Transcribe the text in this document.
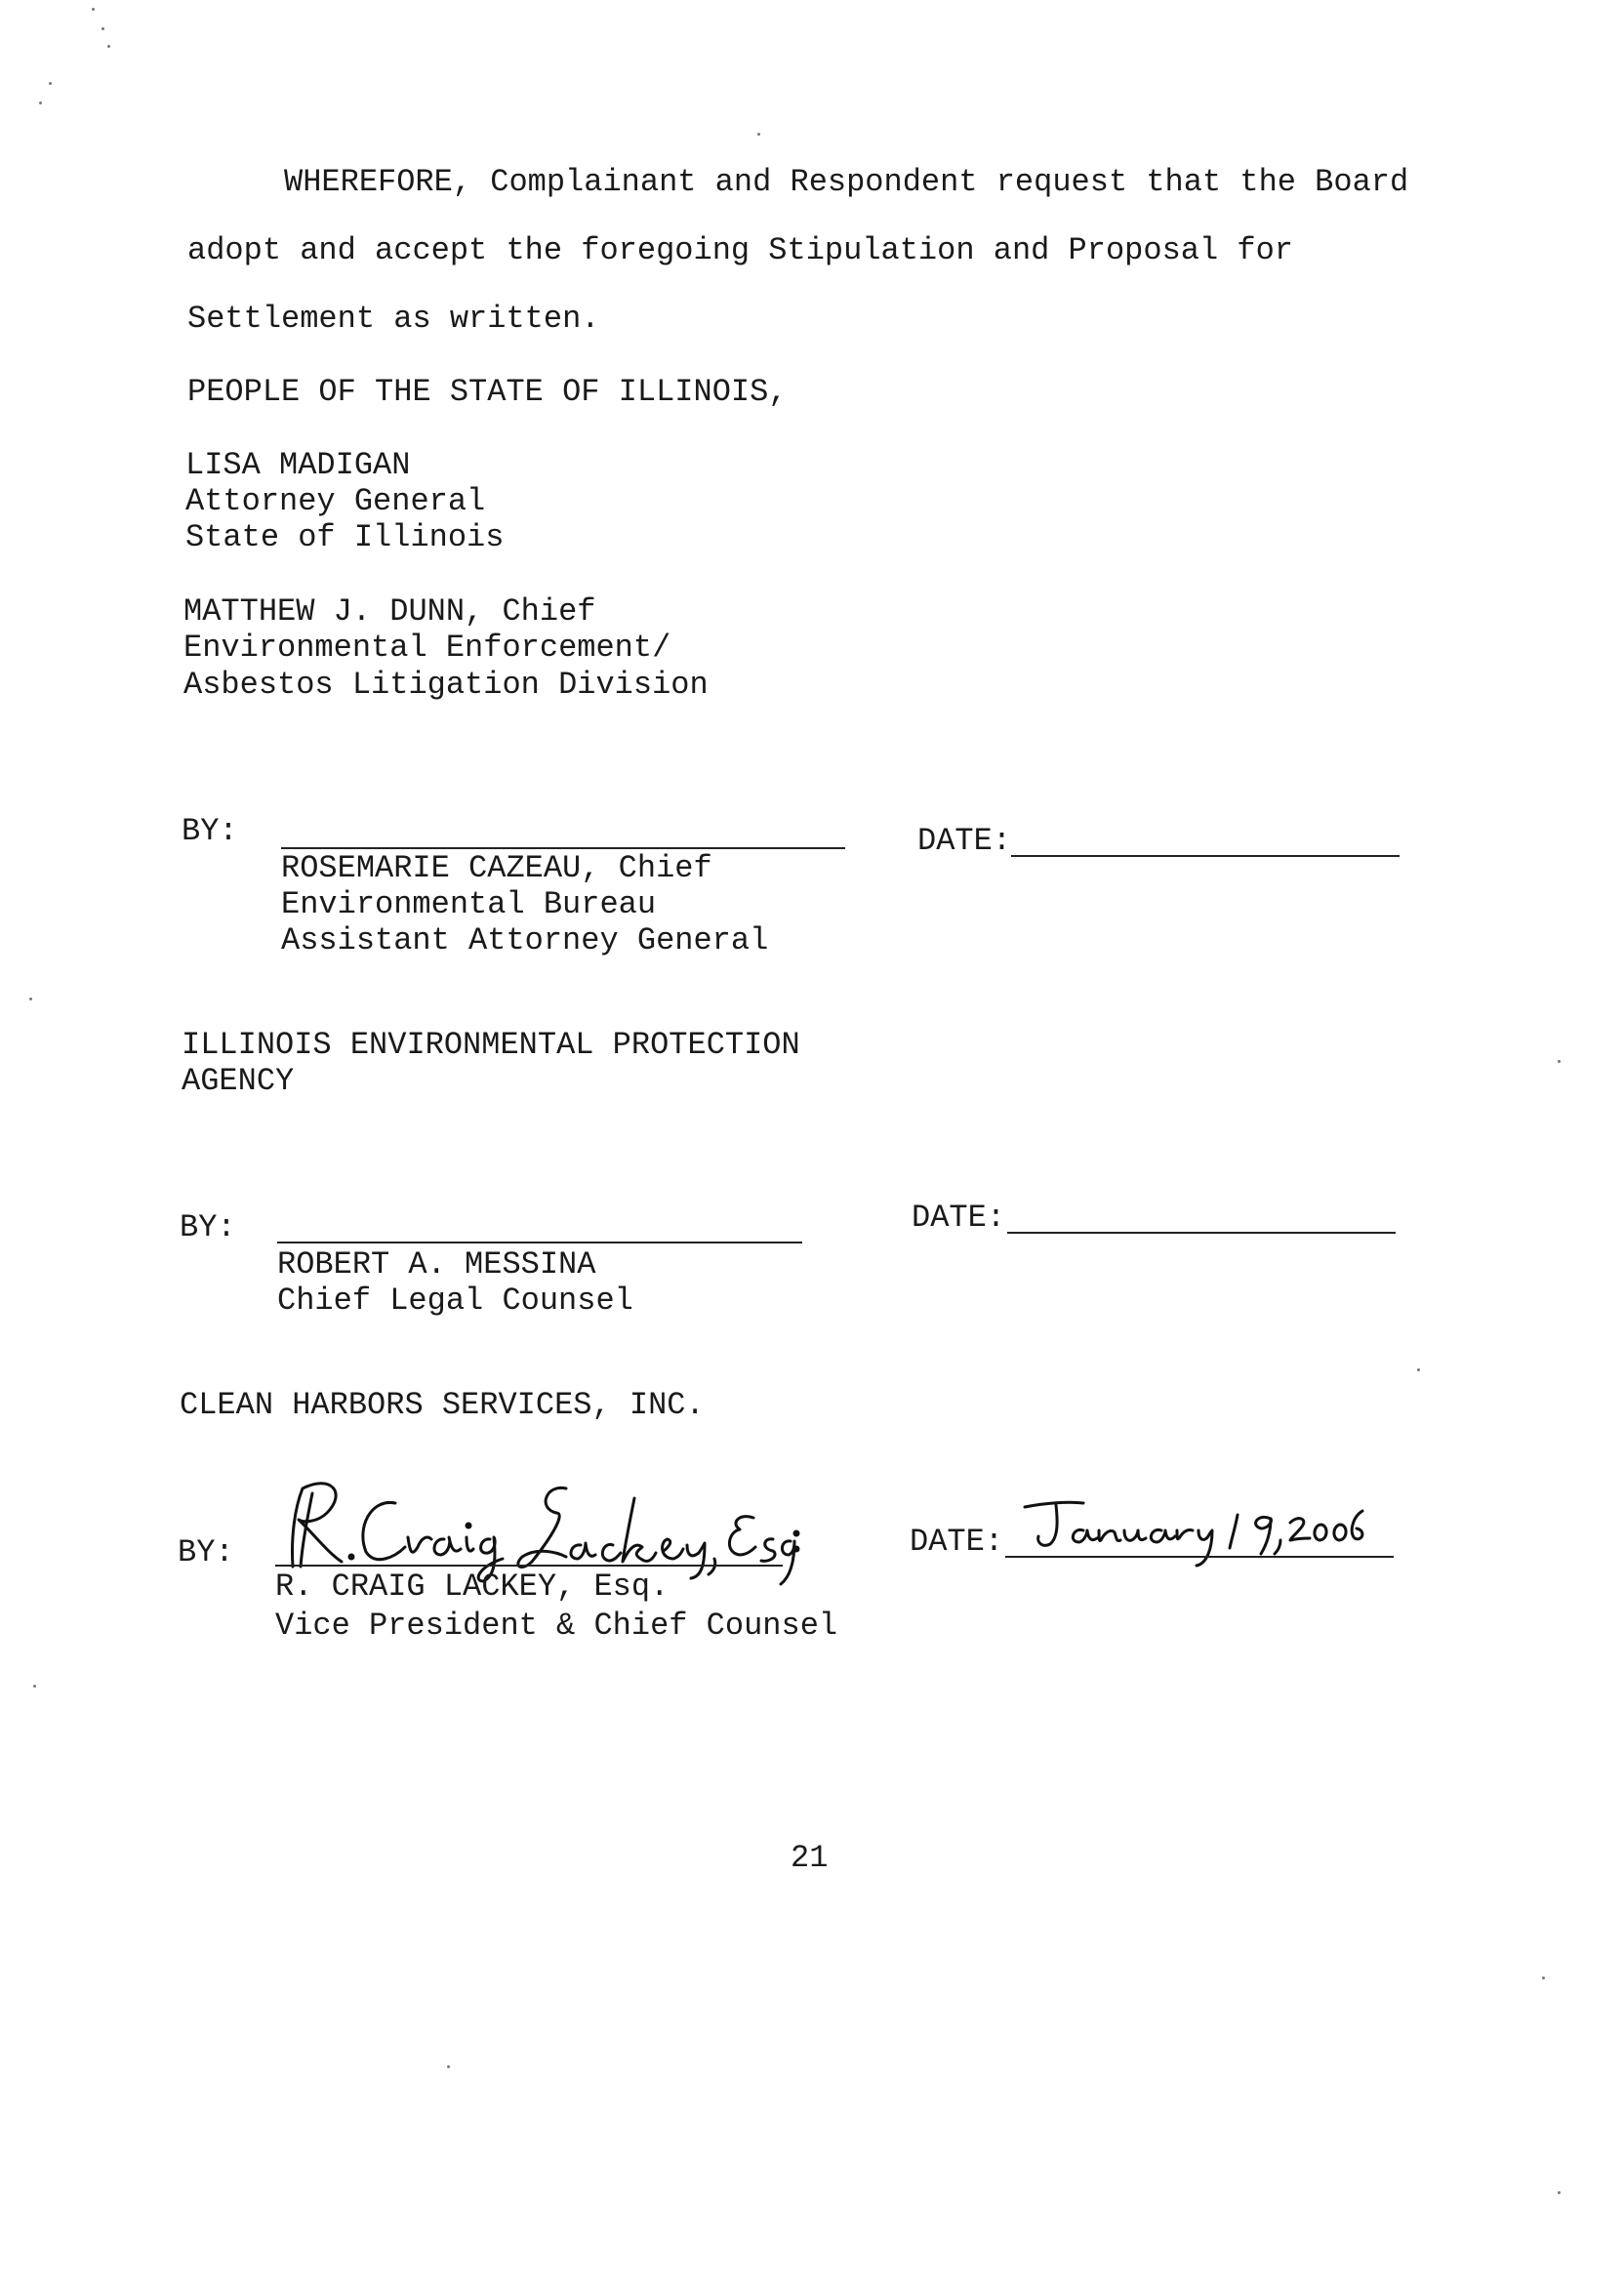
WHEREFORE, Complainant and Respondent request that the Board
adopt and accept the foregoing Stipulation and Proposal for
Settlement as written.
PEOPLE OF THE STATE OF ILLINOIS,
LISA MADIGAN
Attorney General
State of Illinois
MATTHEW J. DUNN, Chief
Environmental Enforcement/
Asbestos Litigation Division
BY:
ROSEMARIE CAZEAU, Chief
Environmental Bureau
Assistant Attorney General
DATE:
ILLINOIS ENVIRONMENTAL PROTECTION
AGENCY
BY:
ROBERT A. MESSINA
Chief Legal Counsel
DATE:
CLEAN HARBORS SERVICES, INC.
BY:
R. CRAIG LACKEY, Esq.
Vice President & Chief Counsel
DATE:
21
